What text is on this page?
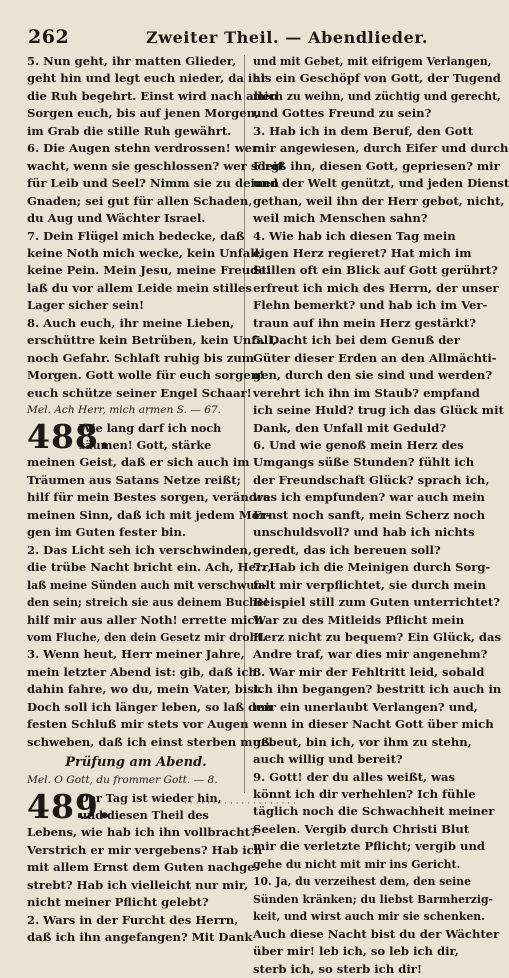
262	Zweiter Theil. — Abendlieder.
5. Nun geht, ihr matten Glieder,
geht hin und legt euch nieder, da ihr
die Ruh begehrt. Einst wird nach allen
Sorgen euch, bis auf jenen Morgen,
im Grab die stille Ruh gewährt.
6. Die Augen stehn verdrossen! wer
wacht, wenn sie geschlossen? wer sorgt
für Leib und Seel? Nimm sie zu deinen
Gnaden; sei gut für allen Schaden,
du Aug und Wächter Israel.
7. Dein Flügel mich bedecke, daß
keine Noth mich wecke, kein Unfall,
keine Pein. Mein Jesu, meine Freude!
laß du vor allem Leide mein stilles
Lager sicher sein!
8. Auch euch, ihr meine Lieben,
erschüttre kein Betrüben, kein Unfall,
noch Gefahr. Schlaft ruhig bis zum
Morgen. Gott wolle für euch sorgen!
euch schütze seiner Engel Schaar!
Mel. Ach Herr, mich armen S. — 67.
488.
Wie lang darf ich noch
säumen! Gott, stärke
meinen Geist, daß er sich auch im
Träumen aus Satans Netze reißt;
hilf für mein Bestes sorgen, verändre
meinen Sinn, daß ich mit jedem Mor-
gen im Guten fester bin.
2. Das Licht seh ich verschwinden,
die trübe Nacht bricht ein. Ach, Herr,
laß meine Sünden auch mit verschwun-
den sein; streich sie aus deinem Buche!
hilf mir aus aller Noth! errette mich
vom Fluche, den dein Gesetz mir droht.
3. Wenn heut, Herr meiner Jahre,
mein letzter Abend ist: gib, daß ich
dahin fahre, wo du, mein Vater, bist.
Doch soll ich länger leben, so laß den
festen Schluß mir stets vor Augen
schweben, daß ich einst sterben muß.
Prüfung am Abend.
Mel. O Gott, du frommer Gott. — 8.
489.
Der Tag ist wieder hin,
und diesen Theil des
Lebens, wie hab ich ihn vollbracht?
Verstrich er mir vergebens? Hab ich
mit allem Ernst dem Guten nachge-
strebt? Hab ich vielleicht nur mir,
nicht meiner Pflicht gelebt?
2. Wars in der Furcht des Herrn,
daß ich ihn angefangen? Mit Dank
und mit Gebet, mit eifrigem Verlangen,
als ein Geschöpf von Gott, der Tugend
mich zu weihn, und züchtig und gerecht,
und Gottes Freund zu sein?
3. Hab ich in dem Beruf, den Gott
mir angewiesen, durch Eifer und durch
Fleiß ihn, diesen Gott, gepriesen? mir
und der Welt genützt, und jeden Dienst
gethan, weil ihn der Herr gebot, nicht,
weil mich Menschen sahn?
4. Wie hab ich diesen Tag mein
eigen Herz regieret? Hat mich im
Stillen oft ein Blick auf Gott gerührt?
erfreut ich mich des Herrn, der unser
Flehn bemerkt? und hab ich im Ver-
traun auf ihn mein Herz gestärkt?
5. Dacht ich bei dem Genuß der
Güter dieser Erden an den Allmächti-
gen, durch den sie sind und werden?
verehrt ich ihn im Staub? empfand
ich seine Huld? trug ich das Glück mit
Dank, den Unfall mit Geduld?
6. Und wie genoß mein Herz des
Umgangs süße Stunden? fühlt ich
der Freundschaft Glück? sprach ich,
was ich empfunden? war auch mein
Ernst noch sanft, mein Scherz noch
unschuldsvoll? und hab ich nichts
geredt, das ich bereuen soll?
7. Hab ich die Meinigen durch Sorg-
falt mir verpflichtet, sie durch mein
Beispiel still zum Guten unterrichtet?
War zu des Mitleids Pflicht mein
Herz nicht zu bequem? Ein Glück, das
Andre traf, war dies mir angenehm?
8. War mir der Fehltritt leid, sobald
ich ihn begangen? bestritt ich auch in
mir ein unerlaubt Verlangen? und,
wenn in dieser Nacht Gott über mich
gebeut, bin ich, vor ihm zu stehn,
auch willig und bereit?
9. Gott! der du alles weißt, was
könnt ich dir verhehlen? Ich fühle
täglich noch die Schwachheit meiner
Seelen. Vergib durch Christi Blut
mir die verletzte Pflicht; vergib und
gehe du nicht mit mir ins Gericht.
10. Ja, du verzeihest dem, den seine
Sünden kränken; du liebst Barmherzig-
keit, und wirst auch mir sie schenken.
Auch diese Nacht bist du der Wächter
über mir! leb ich, so leb ich dir,
sterb ich, so sterb ich dir!
· · · · · · · · · · · · · · · · · · · ·
